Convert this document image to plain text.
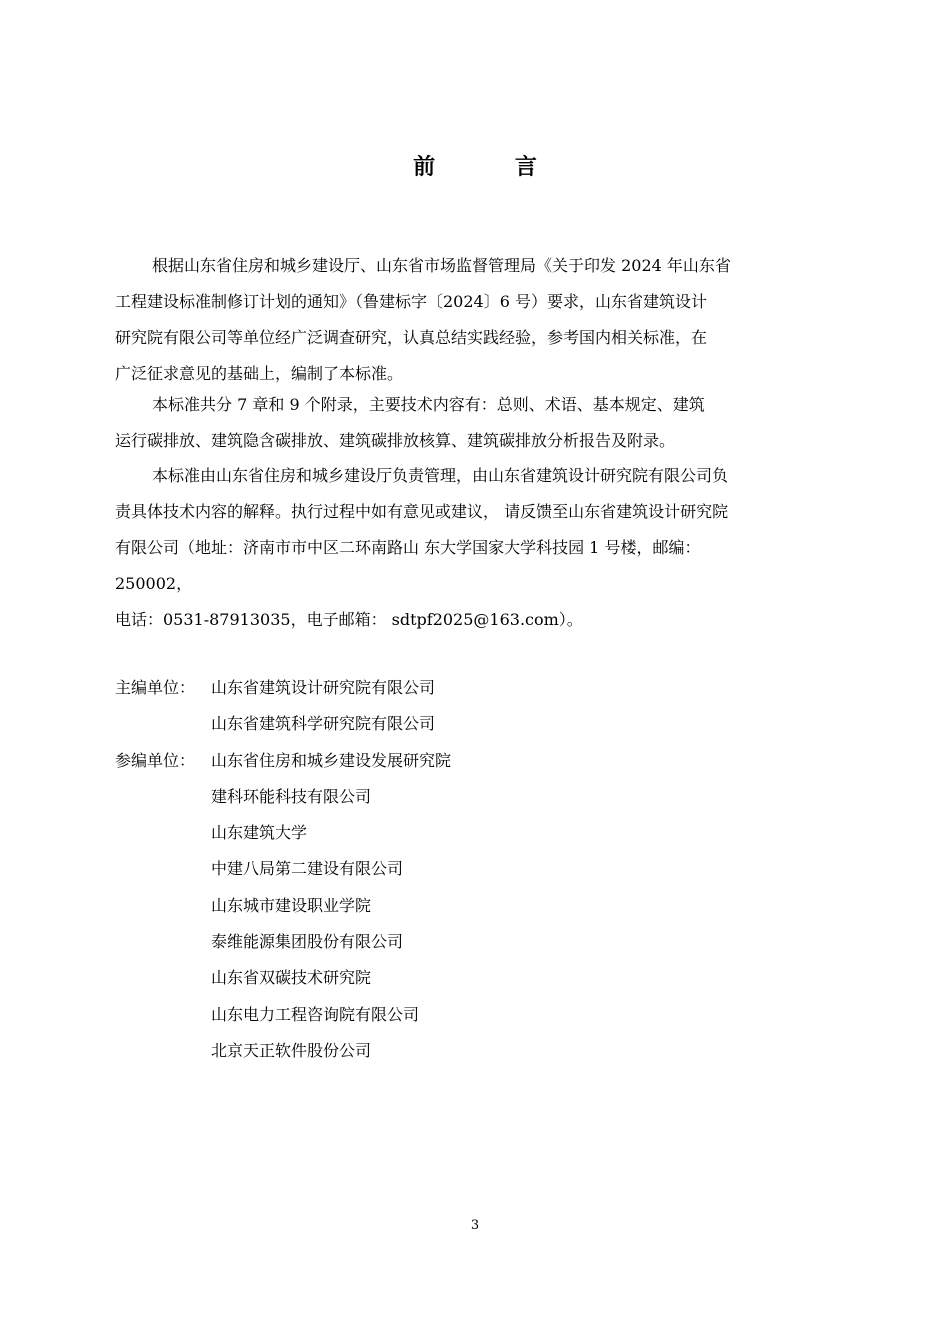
前 言
根据山东省住房和城乡建设厅、山东省市场监督管理局《关于印发 2024 年山东省
工程建设标准制修订计划的通知》（鲁建标字〔2024〕6 号）要求，山东省建筑设计
研究院有限公司等单位经广泛调查研究，认真总结实践经验，参考国内相关标准，在
广泛征求意见的基础上，编制了本标准。
本标准共分 7 章和 9 个附录，主要技术内容有：总则、术语、基本规定、建筑
运行碳排放、建筑隐含碳排放、建筑碳排放核算、建筑碳排放分析报告及附录。
本标准由山东省住房和城乡建设厅负责管理，由山东省建筑设计研究院有限公司负
责具体技术内容的解释。执行过程中如有意见或建议， 请反馈至山东省建筑设计研究院
有限公司（地址：济南市市中区二环南路山 东大学国家大学科技园 1 号楼，邮编：
250002，
电话：0531-87913035，电子邮箱： sdtpf2025@163.com）。
主编单位： 山东省建筑设计研究院有限公司
山东省建筑科学研究院有限公司
参编单位： 山东省住房和城乡建设发展研究院
建科环能科技有限公司
山东建筑大学
中建八局第二建设有限公司
山东城市建设职业学院
泰维能源集团股份有限公司
山东省双碳技术研究院
山东电力工程咨询院有限公司
北京天正软件股份公司
3
